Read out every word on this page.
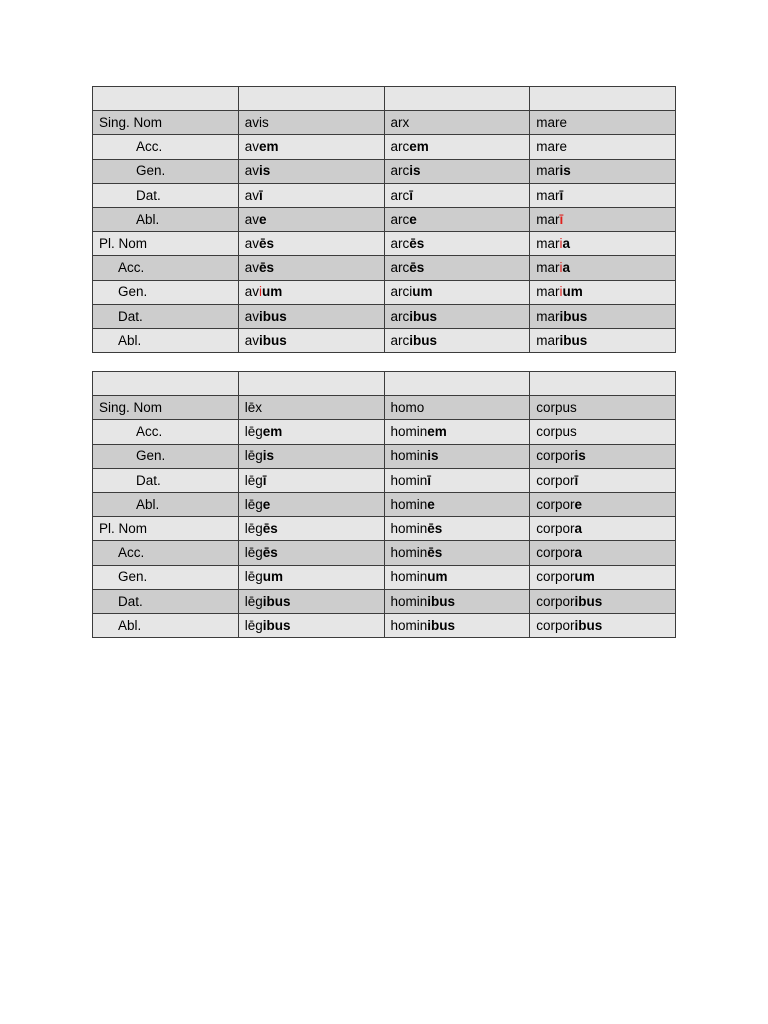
Sing. Nom	avis	arx	mare
Acc.	avem	arcem	mare
Gen.	avis	arcis	maris
Dat.	avī	arcī	marī
Abl.	ave	arce	marī
Pl. Nom	avēs	arcēs	maria
Acc.	avēs	arcēs	maria
Gen.	avium	arcium	marium
Dat.	avibus	arcibus	maribus
Abl.	avibus	arcibus	maribus

Sing. Nom	lēx	homo	corpus
Acc.	lēgem	hominem	corpus
Gen.	lēgis	hominis	corporis
Dat.	lēgī	hominī	corporī
Abl.	lēge	homine	corpore
Pl. Nom	lēgēs	hominēs	corpora
Acc.	lēgēs	hominēs	corpora
Gen.	lēgum	hominum	corporum
Dat.	lēgibus	hominibus	corporibus
Abl.	lēgibus	hominibus	corporibus
